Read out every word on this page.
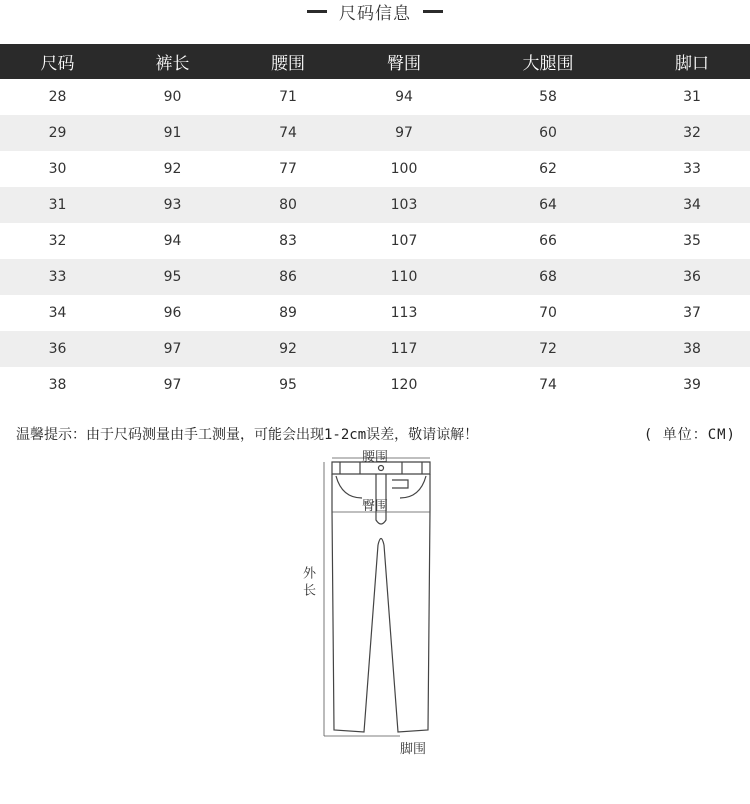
尺码信息
尺码	裤长	腰围	臀围	大腿围	脚口
28	90	71	94	58	31
29	91	74	97	60	32
30	92	77	100	62	33
31	93	80	103	64	34
32	94	83	107	66	35
33	95	86	110	68	36
34	96	89	113	70	37
36	97	92	117	72	38
38	97	95	120	74	39
温馨提示：由于尺码测量由手工测量，可能会出现1-2cm误差，敬请谅解！	( 单位：CM)
腰围
臀围
外长
脚围
